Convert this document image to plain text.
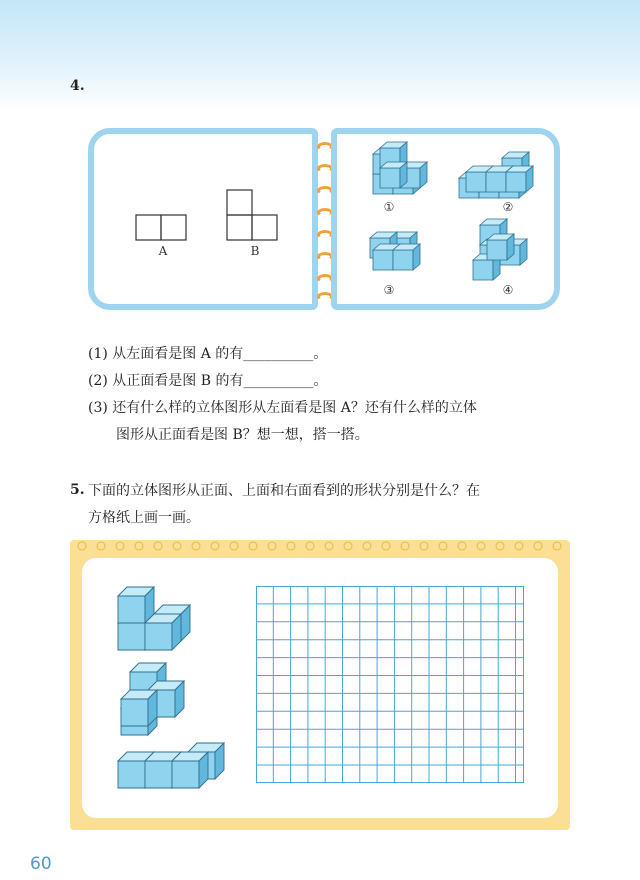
4.
A	B
①	②
③	④
(1) 从左面看是图 A 的有__________。
(2) 从正面看是图 B 的有__________。
(3) 还有什么样的立体图形从左面看是图 A？还有什么样的立体
图形从正面看是图 B？想一想，搭一搭。
5. 下面的立体图形从正面、上面和右面看到的形状分别是什么？在
方格纸上画一画。
60
